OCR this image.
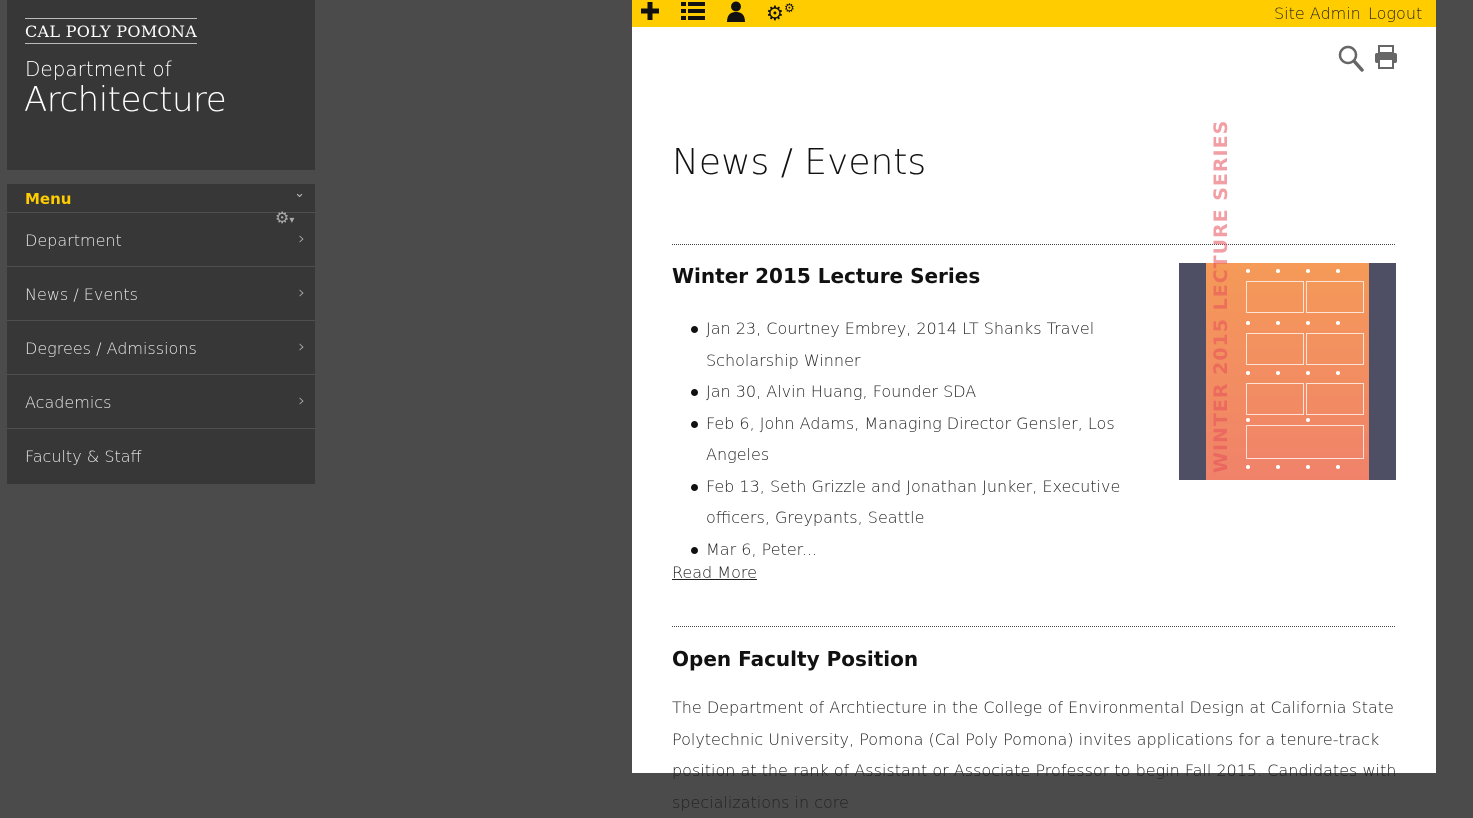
CAL POLY POMONA
Department of
Architecture
Menu	⌄
⚙▾
Department	›
News / Events	›
Degrees / Admissions	›
Academics	›
Faculty & Staff
⚙⚙	Site Admin Logout
News / Events
Winter 2015 Lecture Series
Jan 23, Courtney Embrey, 2014 LT Shanks Travel Scholarship Winner
Jan 30, Alvin Huang, Founder SDA
Feb 6, John Adams, Managing Director Gensler, Los Angeles
Feb 13, Seth Grizzle and Jonathan Junker, Executive officers, Greypants, Seattle
Mar 6, Peter...
Read More
WINTER 2015 LECTURE SERIES
Open Faculty Position

The Department of Archtiecture in the College of Environmental Design at California State Polytechnic University, Pomona (Cal Poly Pomona) invites applications for a tenure-track position at the rank of Assistant or Associate Professor to begin Fall 2015. Candidates with specializations in core
